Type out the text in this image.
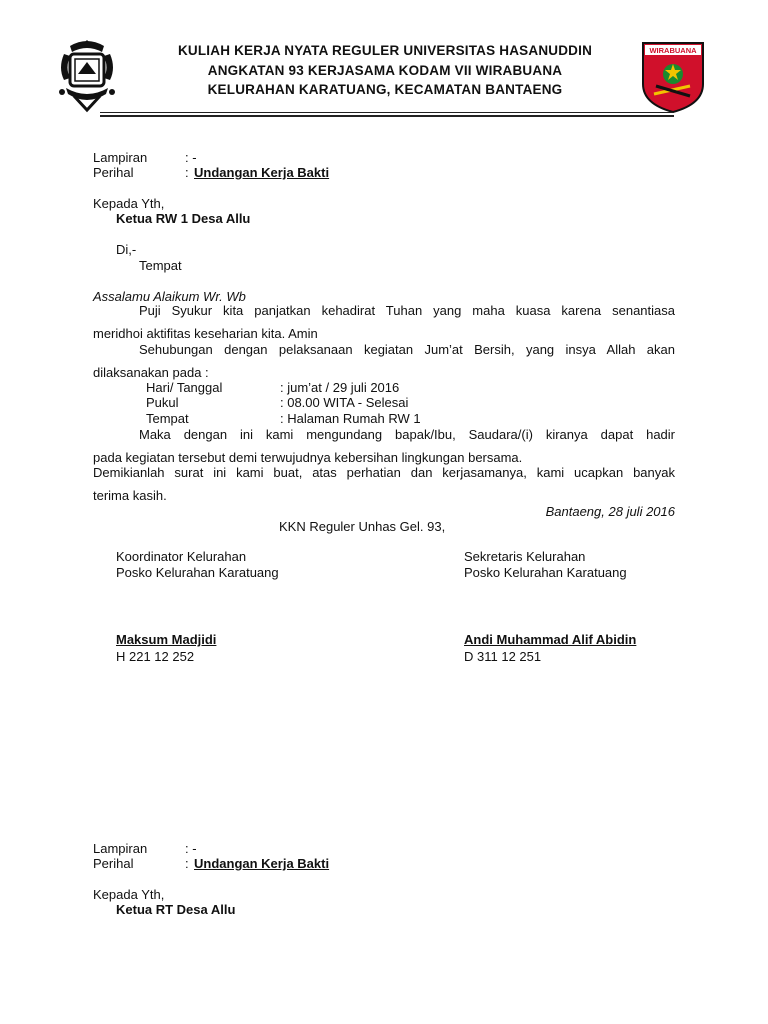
WIRABUANA
KULIAH KERJA NYATA REGULER UNIVERSITAS HASANUDDIN
ANGKATAN 93 KERJASAMA KODAM VII WIRABUANA
KELURAHAN KARATUANG, KECAMATAN BANTAENG
Lampiran	: -
Perihal	: Undangan Kerja Bakti
Kepada Yth,
Ketua RW 1 Desa Allu
Di,-
Tempat
Assalamu Alaikum Wr. Wb
Puji Syukur kita panjatkan kehadirat Tuhan yang maha kuasa karena senantiasa
meridhoi aktifitas keseharian kita. Amin
Sehubungan dengan pelaksanaan kegiatan Jum’at Bersih, yang insya Allah akan
dilaksanakan pada :
Hari/ Tanggal	: jum’at / 29 juli 2016
Pukul	: 08.00 WITA - Selesai
Tempat	: Halaman Rumah RW 1
Maka dengan ini kami mengundang bapak/Ibu, Saudara/(i) kiranya dapat hadir
pada kegiatan tersebut demi terwujudnya kebersihan lingkungan bersama.
Demikianlah surat ini kami buat, atas perhatian dan kerjasamanya, kami ucapkan banyak
terima kasih.
Bantaeng, 28 juli 2016
KKN Reguler Unhas Gel. 93,
Koordinator Kelurahan
Posko Kelurahan Karatuang
Maksum Madjidi
H 221 12 252
Sekretaris Kelurahan
Posko Kelurahan Karatuang
Andi Muhammad Alif Abidin
D 311 12 251
Lampiran	: -
Perihal	: Undangan Kerja Bakti
Kepada Yth,
Ketua RT Desa Allu
